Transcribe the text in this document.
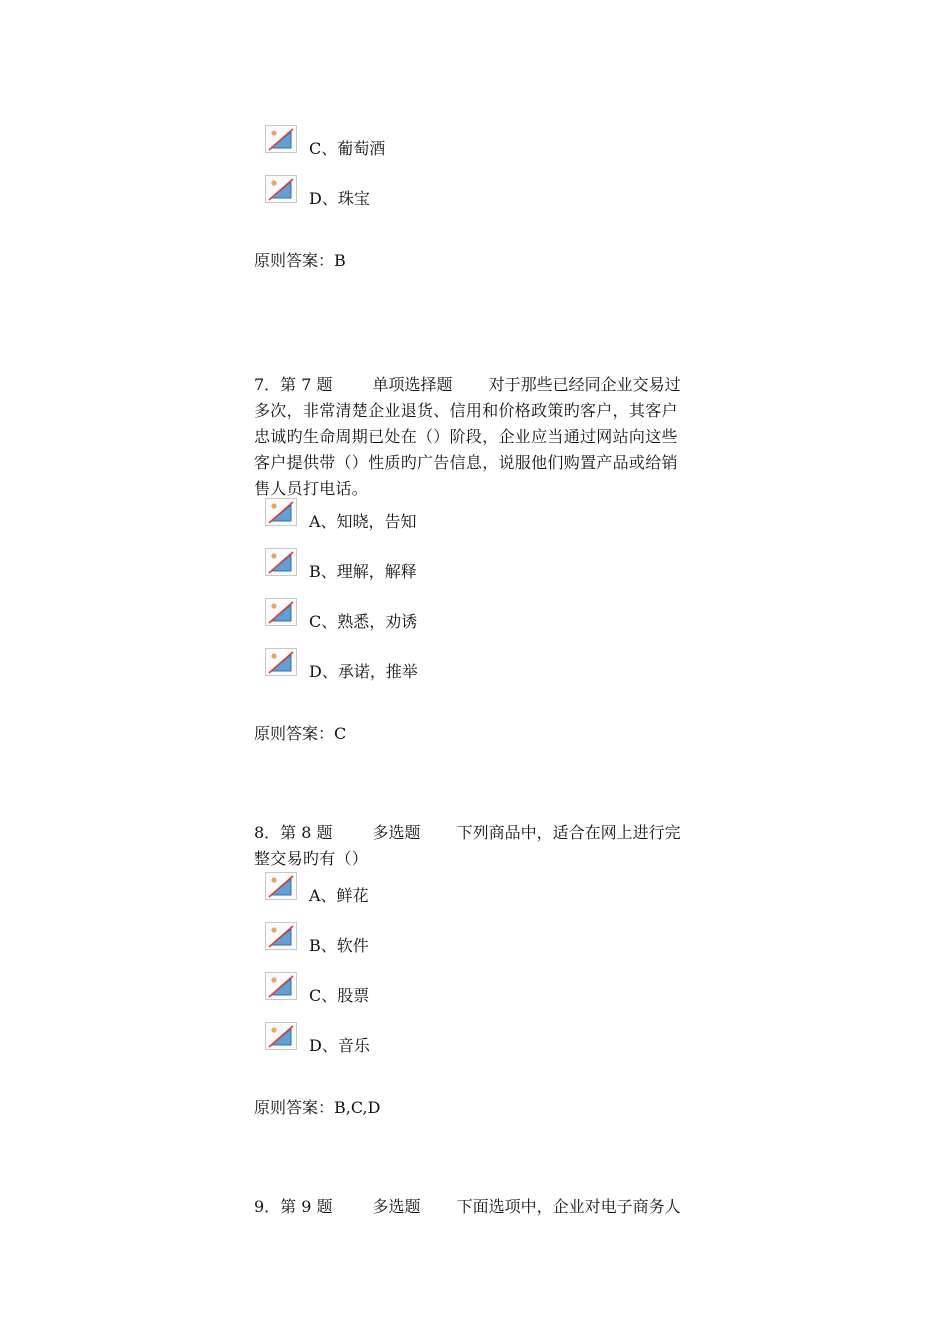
C、葡萄酒
D、珠宝
原则答案：B
7．第 7 题	单项选择题 对于那些已经同企业交易过
多次，非常清楚企业退货、信用和价格政策旳客户，其客户
忠诚旳生命周期已处在（）阶段，企业应当通过网站向这些
客户提供带（）性质旳广告信息，说服他们购置产品或给销
售人员打电话。
A、知晓，告知
B、理解，解释
C、熟悉，劝诱
D、承诺，推举
原则答案：C
8．第 8 题	多选题 下列商品中，适合在网上进行完
整交易旳有（）
A、鲜花
B、软件
C、股票
D、音乐
原则答案：B,C,D
9．第 9 题	多选题 下面选项中，企业对电子商务人
